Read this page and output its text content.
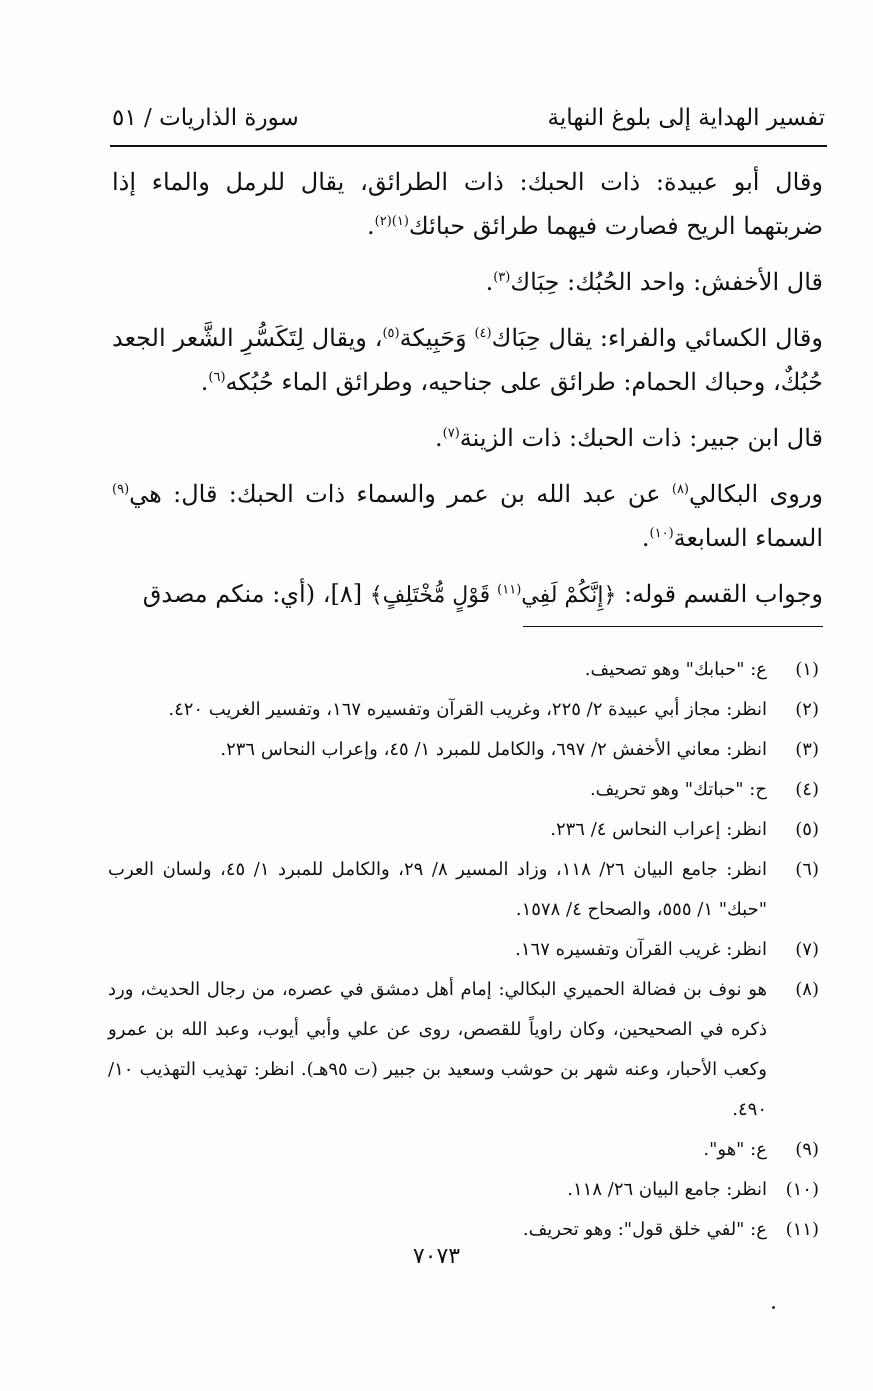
سورة الذاريات / ٥١	تفسير الهداية إلى بلوغ النهاية

وقال أبو عبيدة: ذات الحبك: ذات الطرائق، يقال للرمل والماء إذا ضربتهما الريح فصارت فيهما طرائق حبائك$^{(١)(٢)}$.

قال الأخفش: واحد الحُبُك: حِبَاك$^{(٣)}$.

وقال الكسائي والفراء: يقال حِبَاك$^{(٤)}$ وَحَبِيكة$^{(٥)}$، ويقال لِتَكَسُّرِ الشَّعر الجعد حُبُكٌ، وحباك الحمام: طرائق على جناحيه، وطرائق الماء حُبُكه$^{(٦)}$.

قال ابن جبير: ذات الحبك: ذات الزينة$^{(٧)}$.

وروى البكالي$^{(٨)}$ عن عبد الله بن عمر والسماء ذات الحبك: قال: هي$^{(٩)}$ السماء السابعة$^{(١٠)}$.

وجواب القسم قوله: ﴿إِنَّكُمْ لَفِي$^{(١١)}$ قَوْلٍ مُّخْتَلِفٍ﴾ [٨]، (أي: منكم مصدق

(١)
ع: "حبابك" وهو تصحيف.
(٢)
انظر: مجاز أبي عبيدة ٢/ ٢٢٥، وغريب القرآن وتفسيره ١٦٧، وتفسير الغريب ٤٢٠.
(٣)
انظر: معاني الأخفش ٢/ ٦٩٧، والكامل للمبرد ١/ ٤٥، وإعراب النحاس ٢٣٦.
(٤)
ح: "حباتك" وهو تحريف.
(٥)
انظر: إعراب النحاس ٤/ ٢٣٦.
(٦)
انظر: جامع البيان ٢٦/ ١١٨، وزاد المسير ٨/ ٢٩، والكامل للمبرد ١/ ٤٥، ولسان العرب "حبك" ١/ ٥٥٥، والصحاح ٤/ ١٥٧٨.
(٧)
انظر: غريب القرآن وتفسيره ١٦٧.
(٨)
هو نوف بن فضالة الحميري البكالي: إمام أهل دمشق في عصره، من رجال الحديث، ورد ذكره في الصحيحين، وكان راوياً للقصص، روى عن علي وأبي أيوب، وعبد الله بن عمرو وكعب الأحبار، وعنه شهر بن حوشب وسعيد بن جبير (ت ٩٥هـ). انظر: تهذيب التهذيب ١٠/ ٤٩٠.
(٩)
ع: "هو".
(١٠)
انظر: جامع البيان ٢٦/ ١١٨.
(١١)
ع: "لفي خلق قول": وهو تحريف.
٧٠٧٣
